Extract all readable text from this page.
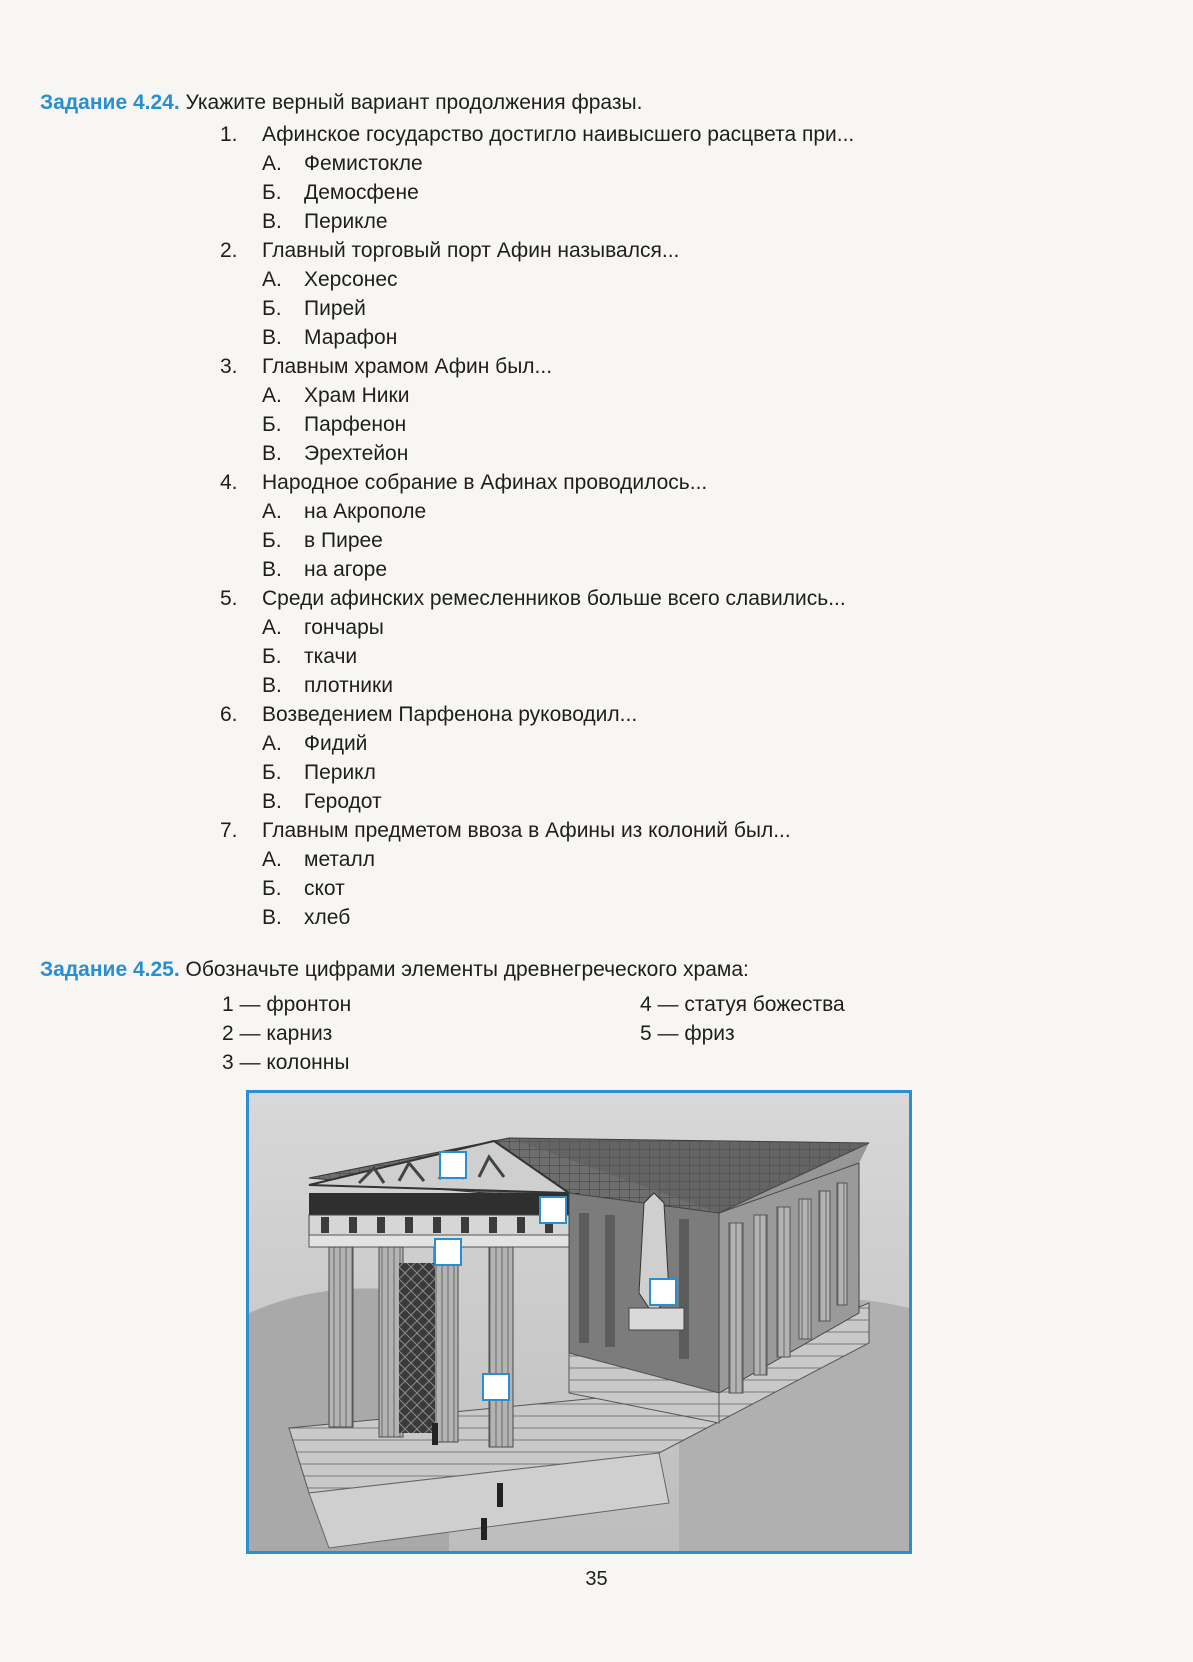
Задание 4.24. Укажите верный вариант продолжения фразы.
1. Афинское государство достигло наивысшего расцвета при...
А. Фемистокле
Б. Демосфене
В. Перикле
2. Главный торговый порт Афин назывался...
А. Херсонес
Б. Пирей
В. Марафон
3. Главным храмом Афин был...
А. Храм Ники
Б. Парфенон
В. Эрехтейон
4. Народное собрание в Афинах проводилось...
А. на Акрополе
Б. в Пирее
В. на агоре
5. Среди афинских ремесленников больше всего славились...
А. гончары
Б. ткачи
В. плотники
6. Возведением Парфенона руководил...
А. Фидий
Б. Перикл
В. Геродот
7. Главным предметом ввоза в Афины из колоний был...
А. металл
Б. скот
В. хлеб
Задание 4.25. Обозначьте цифрами элементы древнегреческого храма:
1 — фронтон
2 — карниз
3 — колонны
4 — статуя божества
5 — фриз
35
